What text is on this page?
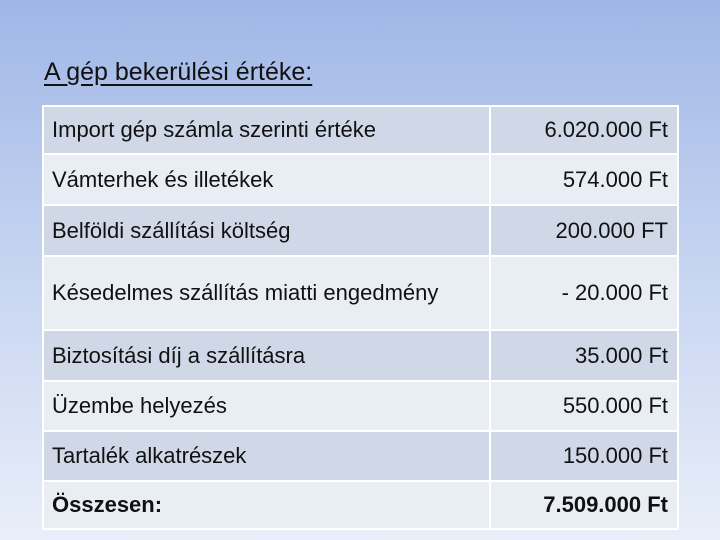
A gép bekerülési értéke:
Import gép számla szerinti értéke	6.020.000 Ft
Vámterhek és illetékek	574.000 Ft
Belföldi szállítási költség	200.000 FT
Késedelmes szállítás miatti engedmény	- 20.000 Ft
Biztosítási díj a szállításra	35.000 Ft
Üzembe helyezés	550.000 Ft
Tartalék alkatrészek	150.000 Ft
Összesen:	7.509.000 Ft
